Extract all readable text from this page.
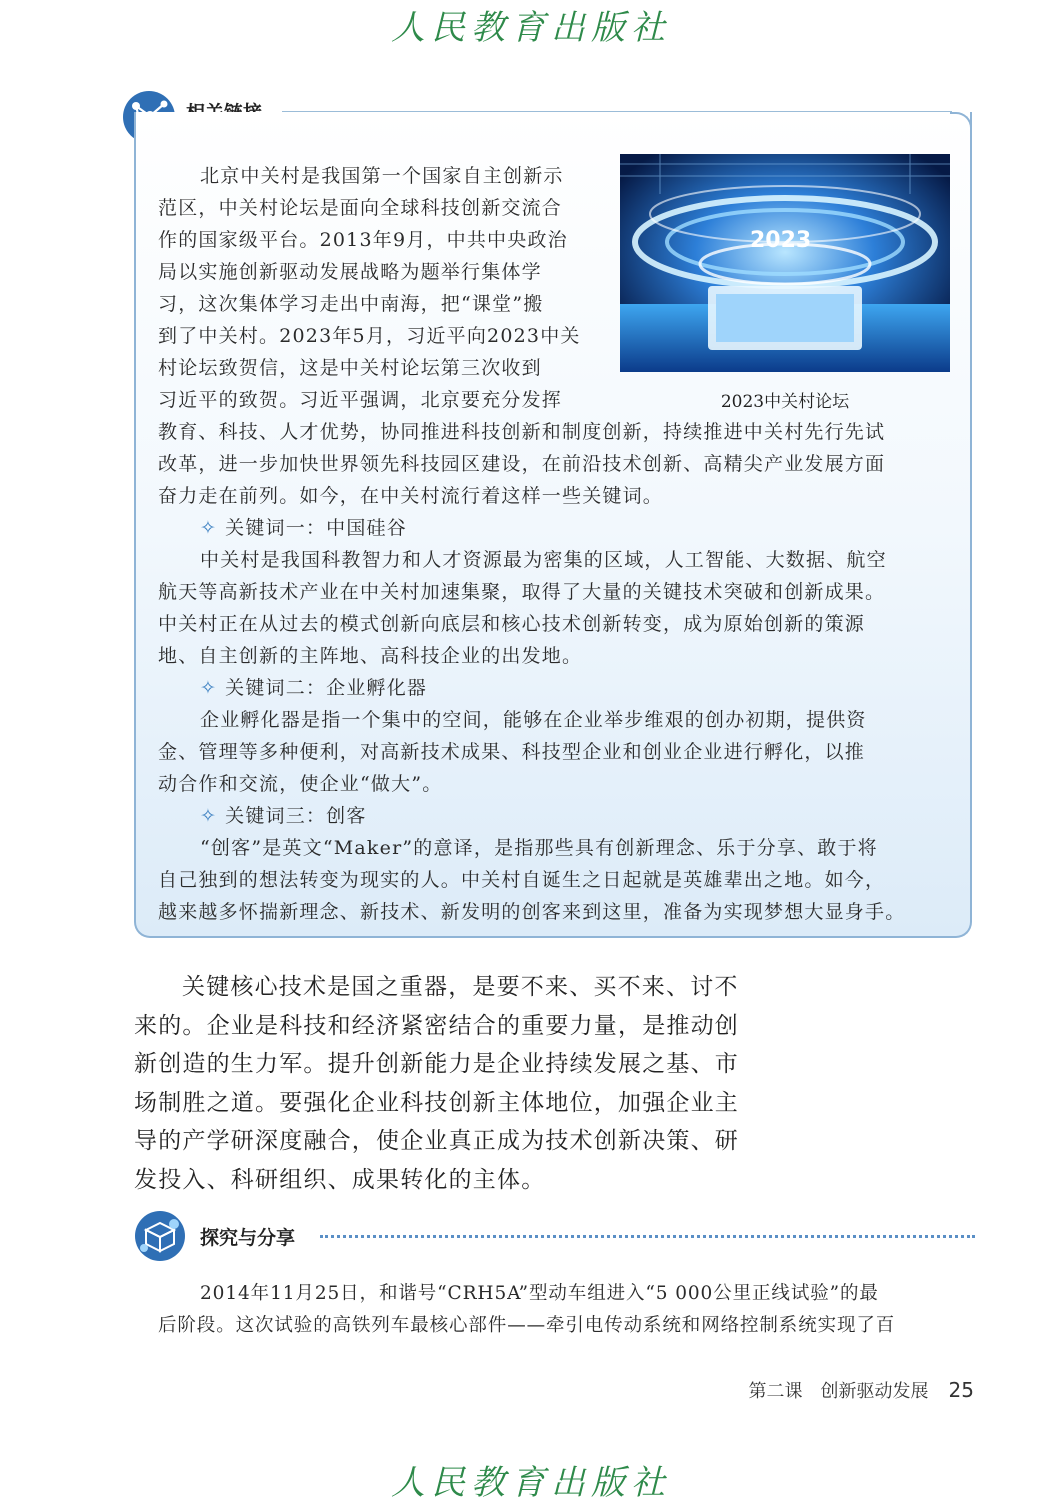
人民教育出版社
2023
2023中关村论坛
北京中关村是我国第一个国家自主创新示
范区，中关村论坛是面向全球科技创新交流合
作的国家级平台。2013年9月，中共中央政治
局以实施创新驱动发展战略为题举行集体学
习，这次集体学习走出中南海，把“课堂”搬
到了中关村。2023年5月，习近平向2023中关
村论坛致贺信，这是中关村论坛第三次收到
习近平的致贺。习近平强调，北京要充分发挥
教育、科技、人才优势，协同推进科技创新和制度创新，持续推进中关村先行先试
改革，进一步加快世界领先科技园区建设，在前沿技术创新、高精尖产业发展方面
奋力走在前列。如今，在中关村流行着这样一些关键词。
✧ 关键词一：中国硅谷
中关村是我国科教智力和人才资源最为密集的区域，人工智能、大数据、航空
航天等高新技术产业在中关村加速集聚，取得了大量的关键技术突破和创新成果。
中关村正在从过去的模式创新向底层和核心技术创新转变，成为原始创新的策源
地、自主创新的主阵地、高科技企业的出发地。
✧ 关键词二：企业孵化器
企业孵化器是指一个集中的空间，能够在企业举步维艰的创办初期，提供资
金、管理等多种便利，对高新技术成果、科技型企业和创业企业进行孵化，以推
动合作和交流，使企业“做大”。
✧ 关键词三：创客
“创客”是英文“Maker”的意译，是指那些具有创新理念、乐于分享、敢于将
自己独到的想法转变为现实的人。中关村自诞生之日起就是英雄辈出之地。如今，
越来越多怀揣新理念、新技术、新发明的创客来到这里，准备为实现梦想大显身手。
关键核心技术是国之重器，是要不来、买不来、讨不
来的。企业是科技和经济紧密结合的重要力量，是推动创
新创造的生力军。提升创新能力是企业持续发展之基、市
场制胜之道。要强化企业科技创新主体地位，加强企业主
导的产学研深度融合，使企业真正成为技术创新决策、研
发投入、科研组织、成果转化的主体。
探究与分享
2014年11月25日，和谐号“CRH5A”型动车组进入“5 000公里正线试验”的最
后阶段。这次试验的高铁列车最核心部件——牵引电传动系统和网络控制系统实现了百
第二课　创新驱动发展 25
人民教育出版社
